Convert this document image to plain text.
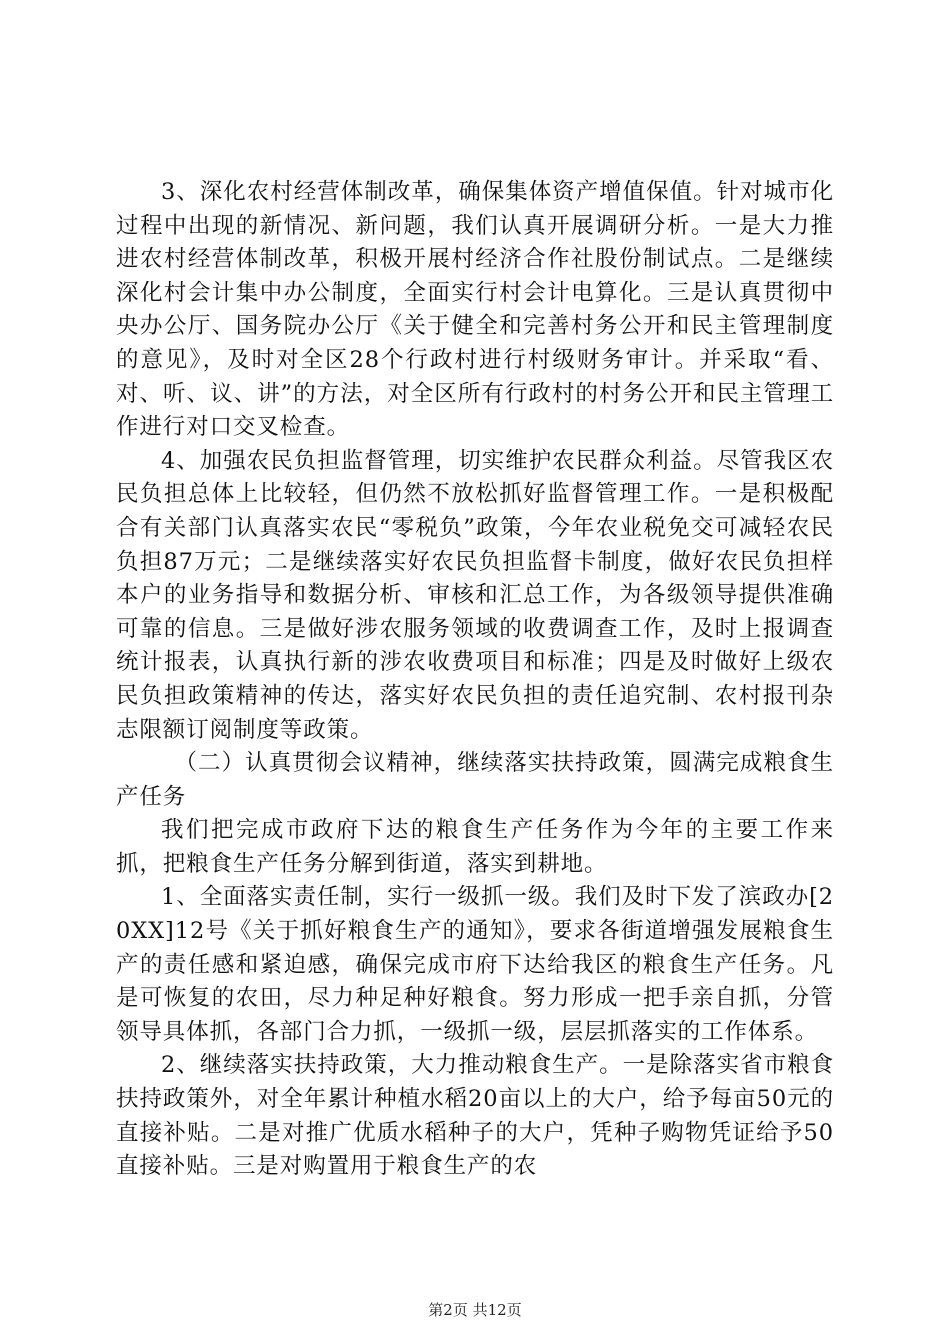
3、深化农村经营体制改革，确保集体资产增值保值。针对城市化过程中出现的新情况、新问题，我们认真开展调研分析。一是大力推进农村经营体制改革，积极开展村经济合作社股份制试点。二是继续深化村会计集中办公制度，全面实行村会计电算化。三是认真贯彻中央办公厅、国务院办公厅《关于健全和完善村务公开和民主管理制度的意见》，及时对全区28个行政村进行村级财务审计。并采取“看、对、听、议、讲”的方法，对全区所有行政村的村务公开和民主管理工作进行对口交叉检查。

4、加强农民负担监督管理，切实维护农民群众利益。尽管我区农民负担总体上比较轻，但仍然不放松抓好监督管理工作。一是积极配合有关部门认真落实农民“零税负”政策，今年农业税免交可减轻农民负担87万元；二是继续落实好农民负担监督卡制度，做好农民负担样本户的业务指导和数据分析、审核和汇总工作，为各级领导提供准确可靠的信息。三是做好涉农服务领域的收费调查工作，及时上报调查统计报表，认真执行新的涉农收费项目和标准；四是及时做好上级农民负担政策精神的传达，落实好农民负担的责任追究制、农村报刊杂志限额订阅制度等政策。

（二）认真贯彻会议精神，继续落实扶持政策，圆满完成粮食生产任务

我们把完成市政府下达的粮食生产任务作为今年的主要工作来抓，把粮食生产任务分解到街道，落实到耕地。

1、全面落实责任制，实行一级抓一级。我们及时下发了滨政办[20XX]12号《关于抓好粮食生产的通知》，要求各街道增强发展粮食生产的责任感和紧迫感，确保完成市府下达给我区的粮食生产任务。凡是可恢复的农田，尽力种足种好粮食。努力形成一把手亲自抓，分管领导具体抓，各部门合力抓，一级抓一级，层层抓落实的工作体系。

2、继续落实扶持政策，大力推动粮食生产。一是除落实省市粮食扶持政策外，对全年累计种植水稻20亩以上的大户，给予每亩50元的直接补贴。二是对推广优质水稻种子的大户，凭种子购物凭证给予50直接补贴。三是对购置用于粮食生产的农

第2页 共12页
